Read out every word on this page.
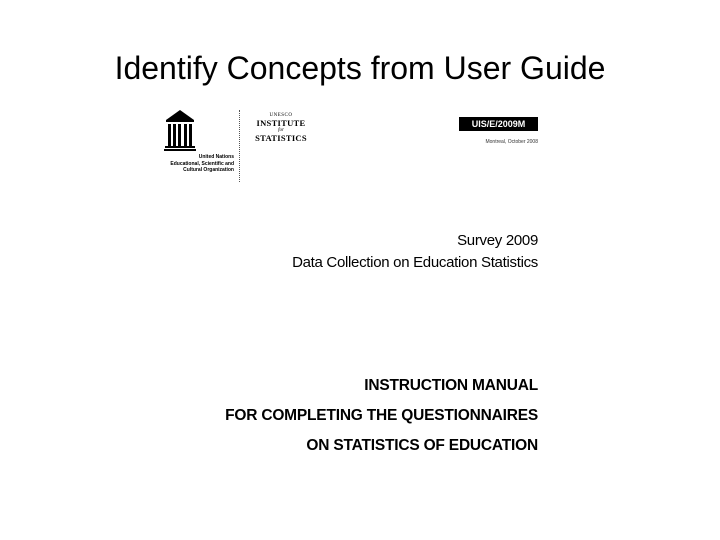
Identify Concepts from User Guide
United Nations
Educational, Scientific and
Cultural Organization
UNESCO
INSTITUTE
for
STATISTICS
UIS/E/2009M
Montreal, October 2008
Survey 2009
Data Collection on Education Statistics
INSTRUCTION MANUAL
FOR COMPLETING THE QUESTIONNAIRES
ON STATISTICS OF EDUCATION
